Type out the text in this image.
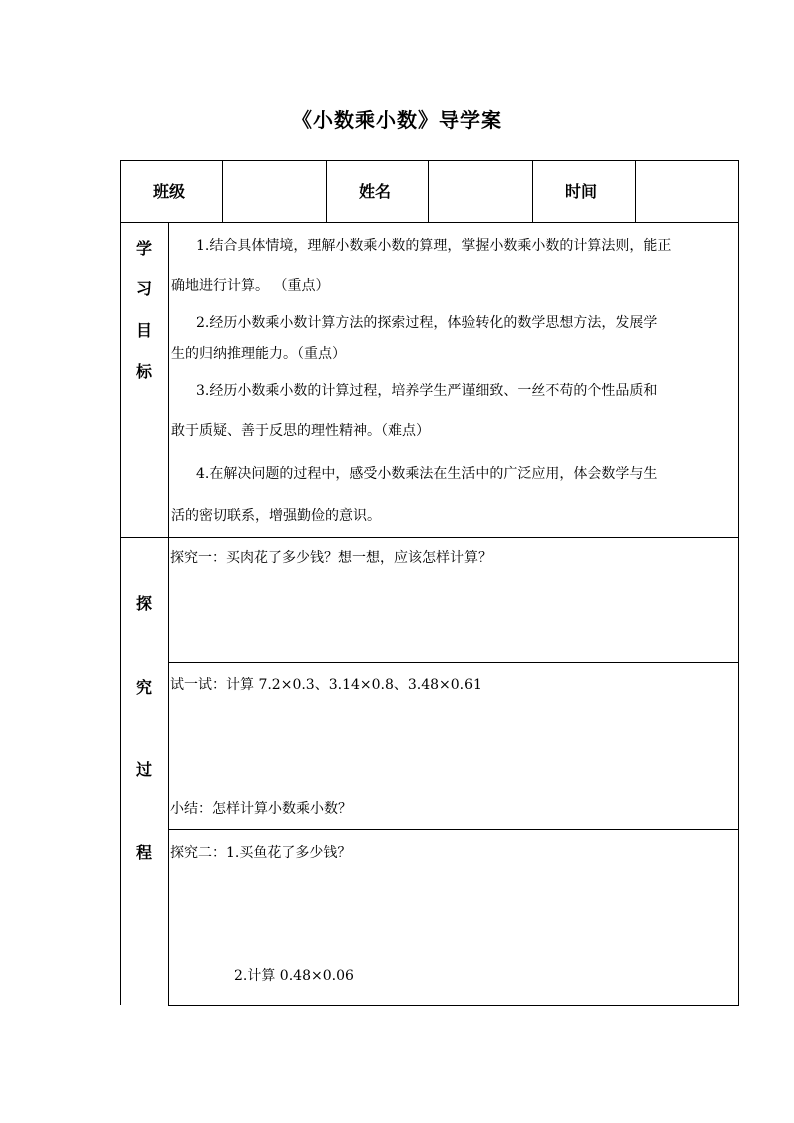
《小数乘小数》导学案
班级	姓名	时间
学
习
目
标
1.结合具体情境，理解小数乘小数的算理，掌握小数乘小数的计算法则，能正
确地进行计算。 （重点）
2.经历小数乘小数计算方法的探索过程，体验转化的数学思想方法，发展学
生的归纳推理能力。（重点）
3.经历小数乘小数的计算过程，培养学生严谨细致、一丝不苟的个性品质和
敢于质疑、善于反思的理性精神。（难点）
4.在解决问题的过程中，感受小数乘法在生活中的广泛应用，体会数学与生
活的密切联系，增强勤俭的意识。
探
究
过
程
探究一：买肉花了多少钱？想一想，应该怎样计算？
试一试：计算 7.2×0.3、3.14×0.8、3.48×0.61
小结：怎样计算小数乘小数？
探究二：1.买鱼花了多少钱？
2.计算 0.48×0.06
